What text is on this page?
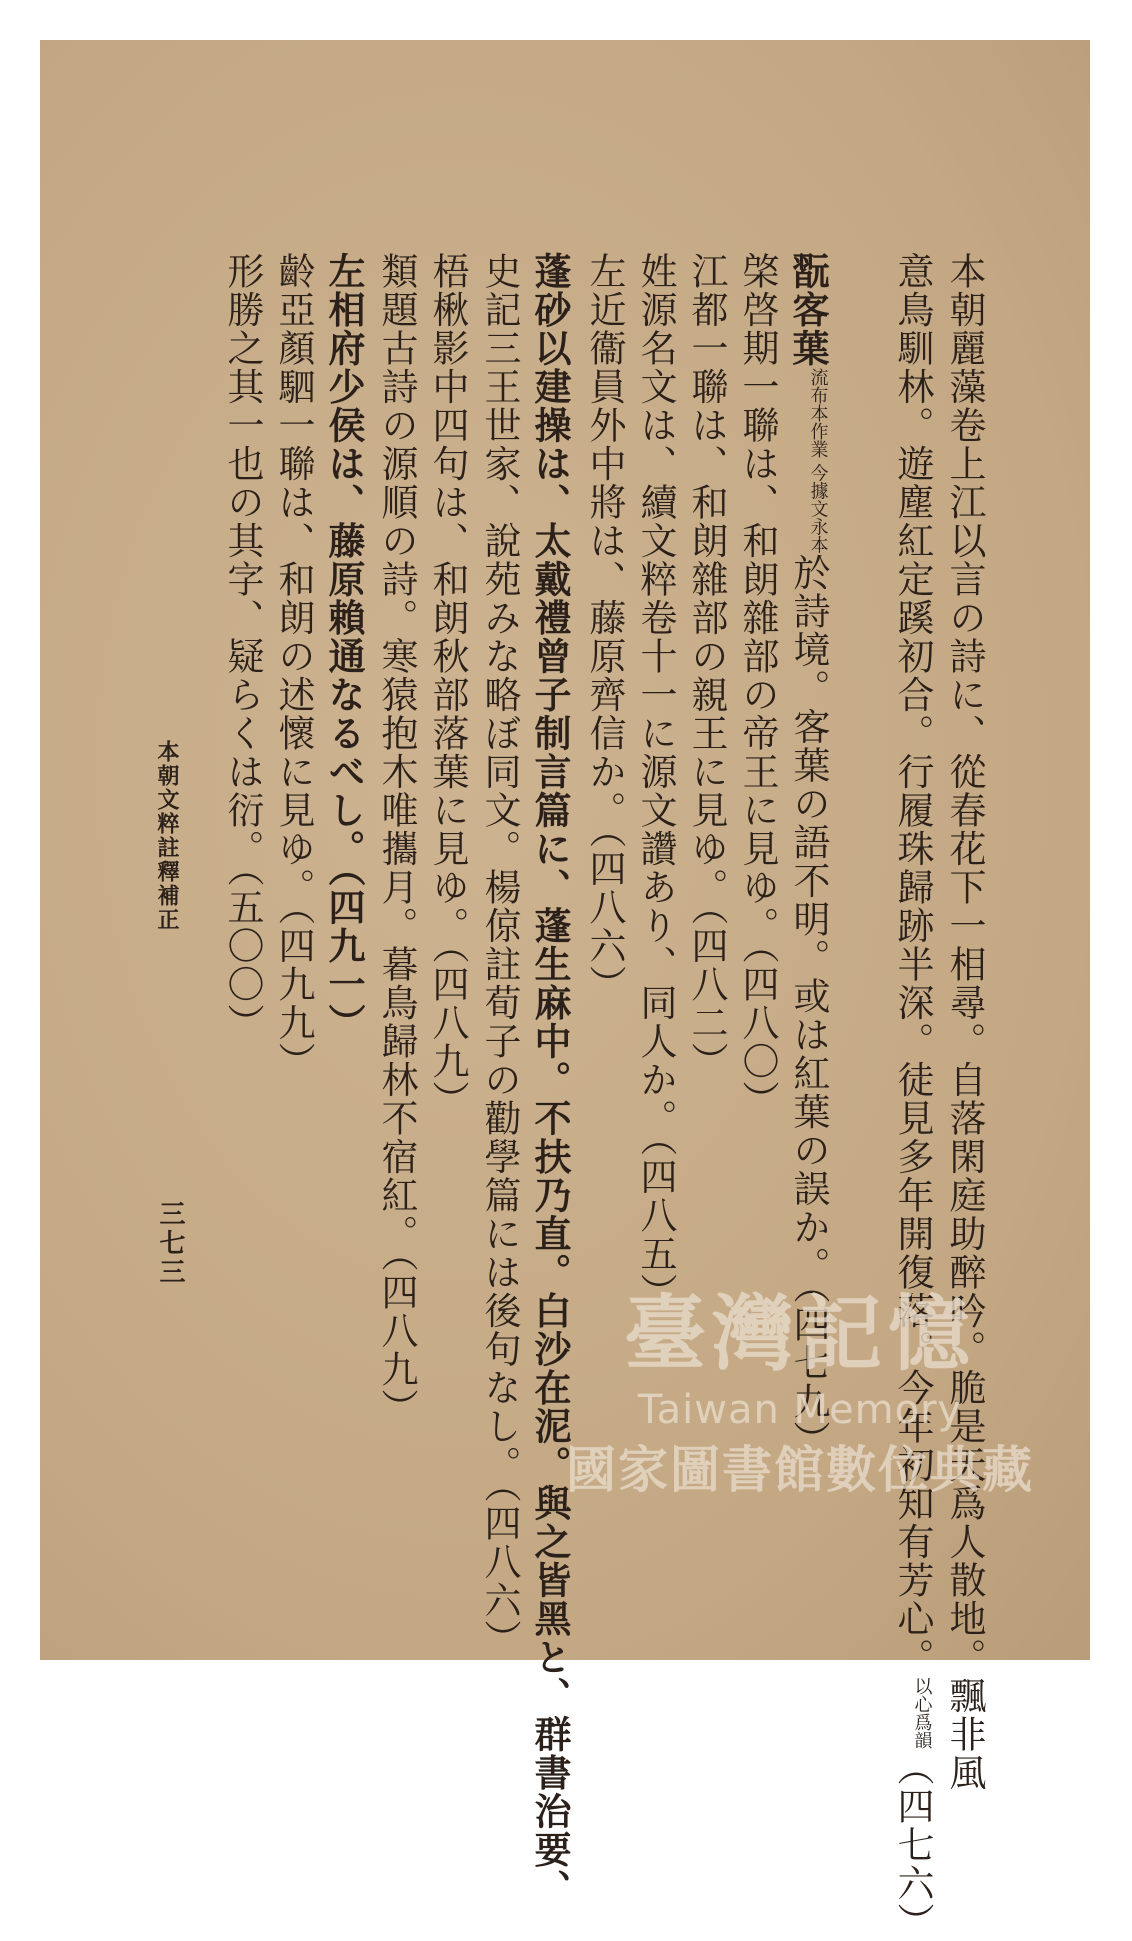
本朝麗藻卷上江以言の詩に、從春花下一相尋。自落閑庭助醉吟。脆是天爲人散地。飄非風
意鳥馴林。遊塵紅定蹊初合。行履珠歸跡半深。徒見多年開復落。今年初知有芳心。以心爲韻（四七六）
翫客葉流布本作業 今據文永本於詩境。客葉の語不明。或は紅葉の誤か。（四七九）
棨啓期一聯は、和朗雜部の帝王に見ゆ。（四八〇）
江都一聯は、和朗雜部の親王に見ゆ。（四八二）
姓源名文は、續文粹卷十一に源文讚あり、同人か。（四八五）
左近衞員外中將は、藤原齊信か。（四八六）
蓬砂以建操は、太戴禮曾子制言篇に、蓬生麻中。不扶乃直。白沙在泥。與之皆黑と、群書治要、
史記三王世家、說苑みな略ぼ同文。楊倞註荀子の勸學篇には後句なし。（四八六）
梧楸影中四句は、和朗秋部落葉に見ゆ。（四八九）
類題古詩の源順の詩。寒猿抱木唯攜月。暮鳥歸林不宿紅。（四八九）
左相府少侯は、藤原賴通なるべし。（四九一）
齡亞顏駟一聯は、和朗の述懷に見ゆ。（四九九）
形勝之其一也の其字、疑らくは衍。（五〇〇）
本朝文粹註釋補正
三七三
臺灣記憶
Taiwan Memory
國家圖書館數位典藏
